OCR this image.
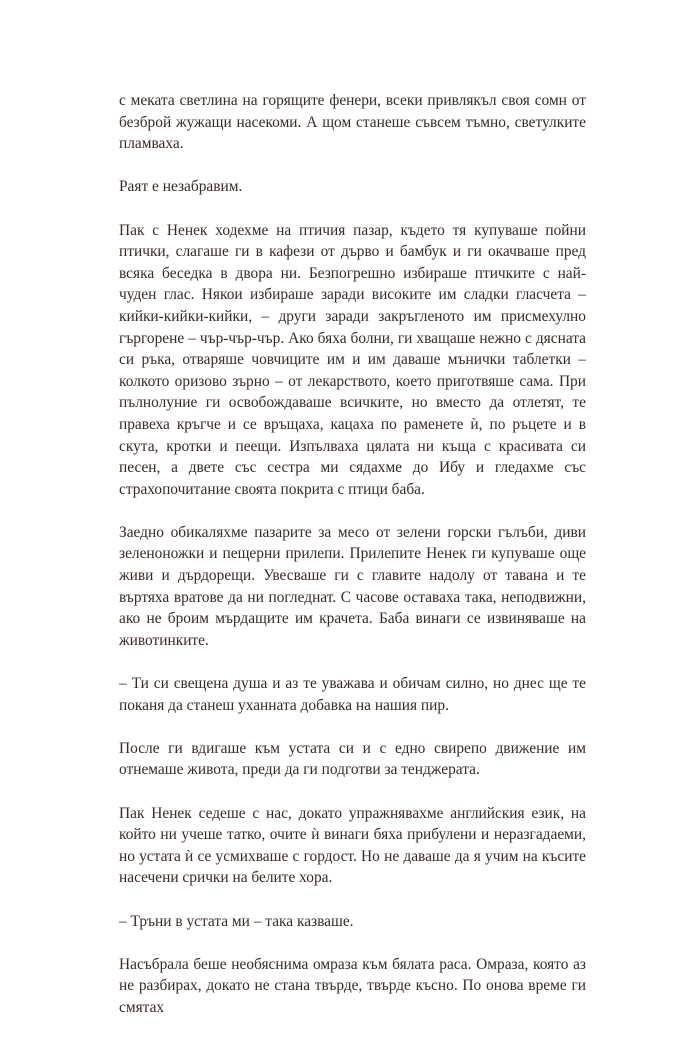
с меката светлина на горящите фенери, всеки привлякъл своя сомн от безброй жужащи насекоми. А щом станеше съвсем тъмно, светулките пламваха.

Раят е незабравим.

Пак с Ненек ходехме на птичия пазар, където тя купуваше пойни птички, слагаше ги в кафези от дърво и бамбук и ги окачваше пред всяка беседка в двора ни. Безпогрешно избираше птичките с най-чуден глас. Някои избираше заради високите им сладки гласчета – кийки-кийки-кийки, – други заради закръгленото им присмехулно гъргорене – чър-чър-чър. Ако бяха болни, ги хващаше нежно с дясната си ръка, отваряше човчиците им и им даваше мънички таблетки – колкото оризово зърно – от лекарството, което приготвяше сама. При пълнолуние ги освобождаваше всичките, но вместо да отлетят, те правеха кръгче и се връщаха, кацаха по раменете ѝ, по ръцете и в скута, кротки и пеещи. Изпълваха цялата ни къща с красивата си песен, а двете със сестра ми сядахме до Ибу и гледахме със страхопочитание своята покрита с птици баба.

Заедно обикаляхме пазарите за месо от зелени горски гълъби, диви зеленоножки и пещерни прилепи. Прилепите Ненек ги купуваше още живи и дърдорещи. Увесваше ги с главите надолу от тавана и те въртяха вратове да ни погледнат. С часове оставаха така, неподвижни, ако не броим мърдащите им крачета. Баба винаги се извиняваше на животинките.

– Ти си свещена душа и аз те уважава и обичам силно, но днес ще те поканя да станеш уханната добавка на нашия пир.

После ги вдигаше към устата си и с едно свирепо движение им отнемаше живота, преди да ги подготви за тенджерата.

Пак Ненек седеше с нас, докато упражнявахме английския език, на който ни учеше татко, очите ѝ винаги бяха прибулени и неразгадаеми, но устата ѝ се усмихваше с гордост. Но не даваше да я учим на късите насечени срички на белите хора.

– Тръни в устата ми – така казваше.

Насъбрала беше необяснима омраза към бялата раса. Омраза, която аз не разбирах, докато не стана твърде, твърде късно. По онова време ги смятах
